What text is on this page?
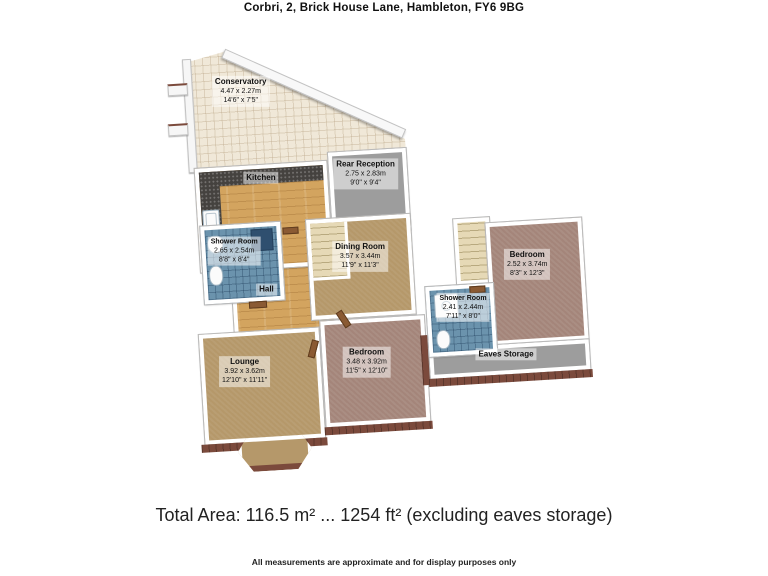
Corbri, 2, Brick House Lane, Hambleton, FY6 9BG
Conservatory
4.47 x 2.27m
14'6" x 7'5"
Hall
Kitchen
Rear Reception
2.75 x 2.83m
9'0" x 9'4"
Shower Room
2.65 x 2.54m
8'8" x 8'4"
Dining Room
3.57 x 3.44m
11'9" x 11'3"
Lounge
3.92 x 3.62m
12'10" x 11'11"
Bedroom
3.48 x 3.92m
11'5" x 12'10"
Bedroom
2.52 x 3.74m
8'3" x 12'3"
Shower Room
2.41 x 2.44m
7'11" x 8'0"
Eaves Storage
Total Area: 116.5 m² ... 1254 ft² (excluding eaves storage)
All measurements are approximate and for display purposes only
